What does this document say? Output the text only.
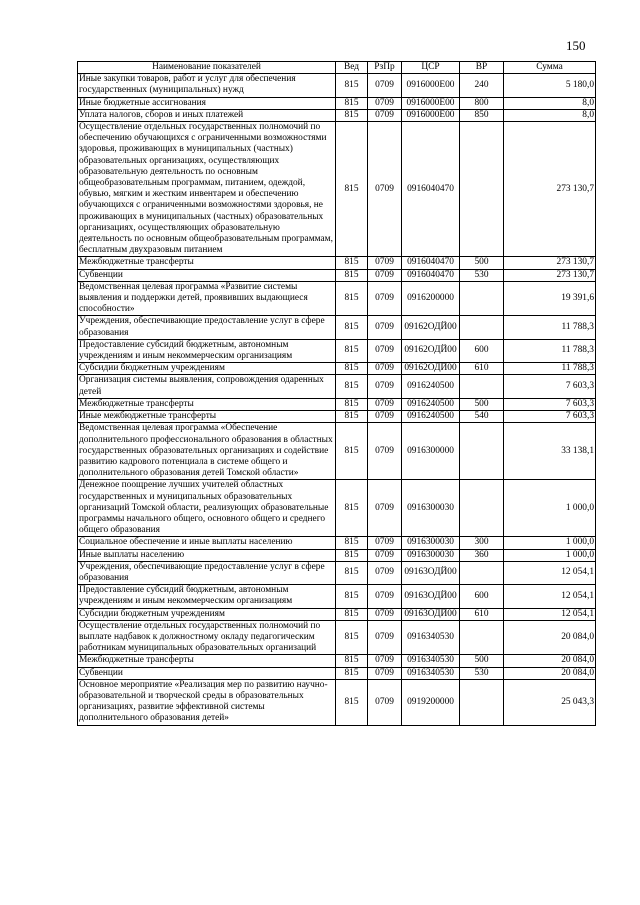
150
Наименование показателей	Вед	РзПр	ЦСР	ВР	Сумма
Иные закупки товаров, работ и услуг для обеспечения государственных (муниципальных) нужд	815	0709	0916000Е00	240	5 180,0
Иные бюджетные ассигнования	815	0709	0916000Е00	800	8,0
Уплата налогов, сборов и иных платежей	815	0709	0916000Е00	850	8,0
Осуществление отдельных государственных полномочий по обеспечению обучающихся с ограниченными возможностями здоровья, проживающих в муниципальных (частных) образовательных организациях, осуществляющих образовательную деятельность по основным общеобразовательным программам, питанием, одеждой, обувью, мягким и жестким инвентарем и обеспечению обучающихся с ограниченными возможностями здоровья, не проживающих в муниципальных (частных) образовательных организациях, осуществляющих образовательную деятельность по основным общеобразовательным программам, бесплатным двухразовым питанием	815	0709	0916040470		273 130,7
Межбюджетные трансферты	815	0709	0916040470	500	273 130,7
Субвенции	815	0709	0916040470	530	273 130,7
Ведомственная целевая программа «Развитие системы выявления и поддержки детей, проявивших выдающиеся способности»	815	0709	0916200000		19 391,6
Учреждения, обеспечивающие предоставление услуг в сфере образования	815	0709	09162ОДЙ00		11 788,3
Предоставление субсидий бюджетным, автономным учреждениям и иным некоммерческим организациям	815	0709	09162ОДЙ00	600	11 788,3
Субсидии бюджетным учреждениям	815	0709	09162ОДЙ00	610	11 788,3
Организация системы выявления, сопровождения одаренных детей	815	0709	0916240500		7 603,3
Межбюджетные трансферты	815	0709	0916240500	500	7 603,3
Иные межбюджетные трансферты	815	0709	0916240500	540	7 603,3
Ведомственная целевая программа «Обеспечение дополнительного профессионального образования в областных государственных образовательных организациях и содействие развитию кадрового потенциала в системе общего и дополнительного образования детей Томской области»	815	0709	0916300000		33 138,1
Денежное поощрение лучших учителей областных государственных и муниципальных образовательных организаций Томской области, реализующих образовательные программы начального общего, основного общего и среднего общего образования	815	0709	0916300030		1 000,0
Социальное обеспечение и иные выплаты населению	815	0709	0916300030	300	1 000,0
Иные выплаты населению	815	0709	0916300030	360	1 000,0
Учреждения, обеспечивающие предоставление услуг в сфере образования	815	0709	09163ОДЙ00		12 054,1
Предоставление субсидий бюджетным, автономным учреждениям и иным некоммерческим организациям	815	0709	09163ОДЙ00	600	12 054,1
Субсидии бюджетным учреждениям	815	0709	09163ОДЙ00	610	12 054,1
Осуществление отдельных государственных полномочий по выплате надбавок к должностному окладу педагогическим работникам муниципальных образовательных организаций	815	0709	0916340530		20 084,0
Межбюджетные трансферты	815	0709	0916340530	500	20 084,0
Субвенции	815	0709	0916340530	530	20 084,0
Основное мероприятие «Реализация мер по развитию научно-образовательной и творческой среды в образовательных организациях, развитие эффективной системы дополнительного образования детей»	815	0709	0919200000		25 043,3
